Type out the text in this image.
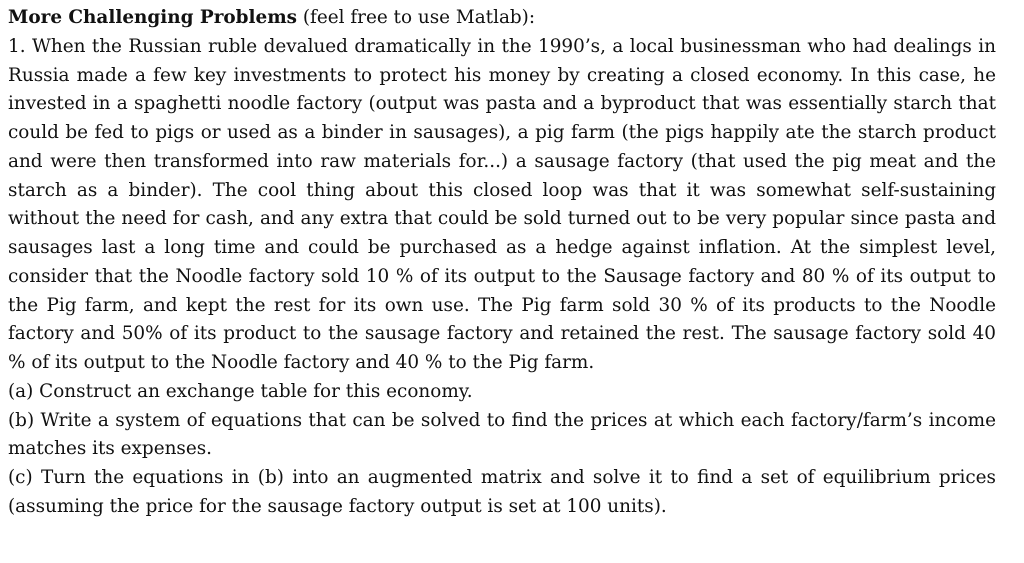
More Challenging Problems (feel free to use Matlab):

1. When the Russian ruble devalued dramatically in the 1990’s, a local businessman who had dealings in Russia made a few key investments to protect his money by creating a closed economy. In this case, he invested in a spaghetti noodle factory (output was pasta and a byproduct that was essentially starch that could be fed to pigs or used as a binder in sausages), a pig farm (the pigs happily ate the starch product and were then transformed into raw materials for...) a sausage factory (that used the pig meat and the starch as a binder). The cool thing about this closed loop was that it was somewhat self-sustaining without the need for cash, and any extra that could be sold turned out to be very popular since pasta and sausages last a long time and could be purchased as a hedge against inflation. At the simplest level, consider that the Noodle factory sold 10 % of its output to the Sausage factory and 80 % of its output to the Pig farm, and kept the rest for its own use. The Pig farm sold 30 % of its products to the Noodle factory and 50% of its product to the sausage factory and retained the rest. The sausage factory sold 40 % of its output to the Noodle factory and 40 % to the Pig farm.

(a) Construct an exchange table for this economy.

(b) Write a system of equations that can be solved to find the prices at which each factory/farm’s income matches its expenses.

(c) Turn the equations in (b) into an augmented matrix and solve it to find a set of equilibrium prices (assuming the price for the sausage factory output is set at 100 units).
